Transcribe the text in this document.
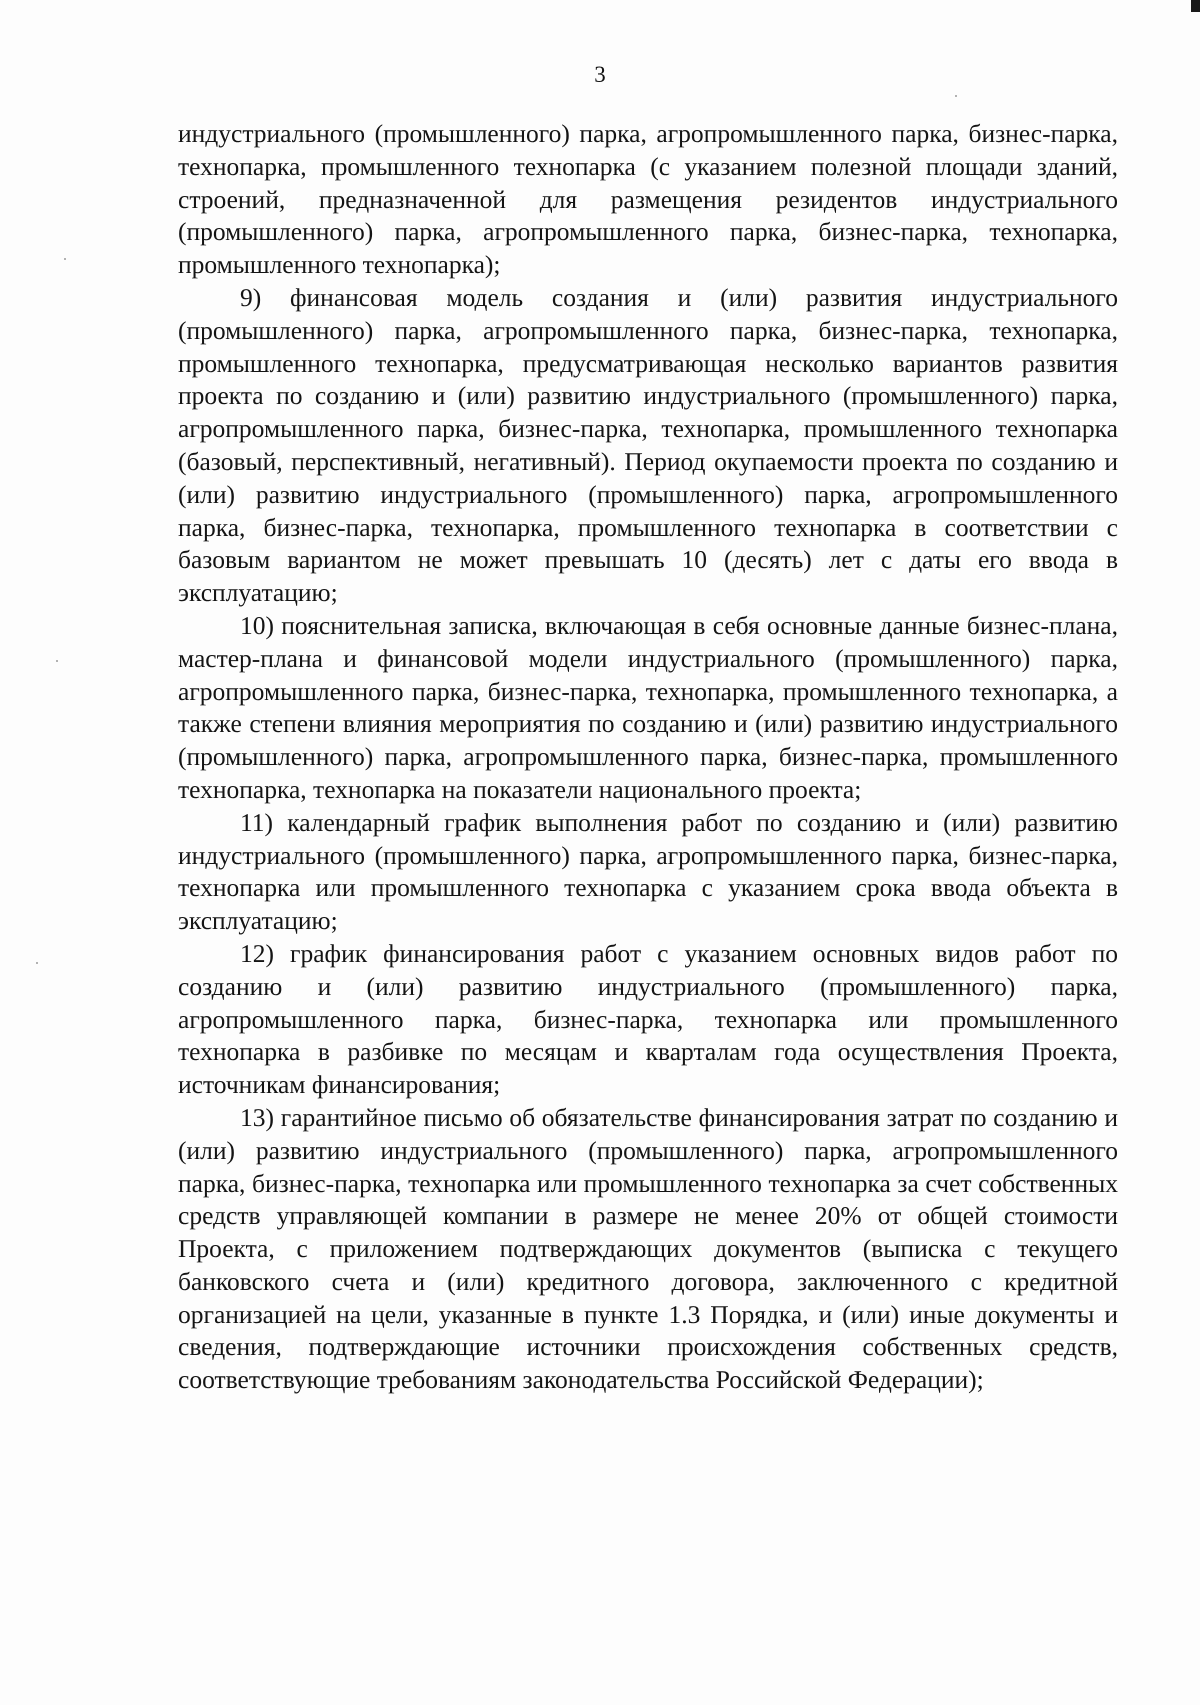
3

индустриального (промышленного) парка, агропромышленного парка, бизнес-парка, технопарка, промышленного технопарка (с указанием полезной площади зданий, строений, предназначенной для размещения резидентов индустриального (промышленного) парка, агропромышленного парка, бизнес-парка, технопарка, промышленного технопарка);

9) финансовая модель создания и (или) развития индустриального (промышленного) парка, агропромышленного парка, бизнес-парка, технопарка, промышленного технопарка, предусматривающая несколько вариантов развития проекта по созданию и (или) развитию индустриального (промышленного) парка, агропромышленного парка, бизнес-парка, технопарка, промышленного технопарка (базовый, перспективный, негативный). Период окупаемости проекта по созданию и (или) развитию индустриального (промышленного) парка, агропромышленного парка, бизнес-парка, технопарка, промышленного технопарка в соответствии с базовым вариантом не может превышать 10 (десять) лет с даты его ввода в эксплуатацию;

10) пояснительная записка, включающая в себя основные данные бизнес-плана, мастер-плана и финансовой модели индустриального (промышленного) парка, агропромышленного парка, бизнес-парка, технопарка, промышленного технопарка, а также степени влияния мероприятия по созданию и (или) развитию индустриального (промышленного) парка, агропромышленного парка, бизнес-парка, промышленного технопарка, технопарка на показатели национального проекта;

11) календарный график выполнения работ по созданию и (или) развитию индустриального (промышленного) парка, агропромышленного парка, бизнес-парка, технопарка или промышленного технопарка с указанием срока ввода объекта в эксплуатацию;

12) график финансирования работ с указанием основных видов работ по созданию и (или) развитию индустриального (промышленного) парка, агропромышленного парка, бизнес-парка, технопарка или промышленного технопарка в разбивке по месяцам и кварталам года осуществления Проекта, источникам финансирования;

13) гарантийное письмо об обязательстве финансирования затрат по созданию и (или) развитию индустриального (промышленного) парка, агропромышленного парка, бизнес-парка, технопарка или промышленного технопарка за счет собственных средств управляющей компании в размере не менее 20% от общей стоимости Проекта, с приложением подтверждающих документов (выписка с текущего банковского счета и (или) кредитного договора, заключенного с кредитной организацией на цели, указанные в пункте 1.3 Порядка, и (или) иные документы и сведения, подтверждающие источники происхождения собственных средств, соответствующие требованиям законодательства Российской Федерации);
